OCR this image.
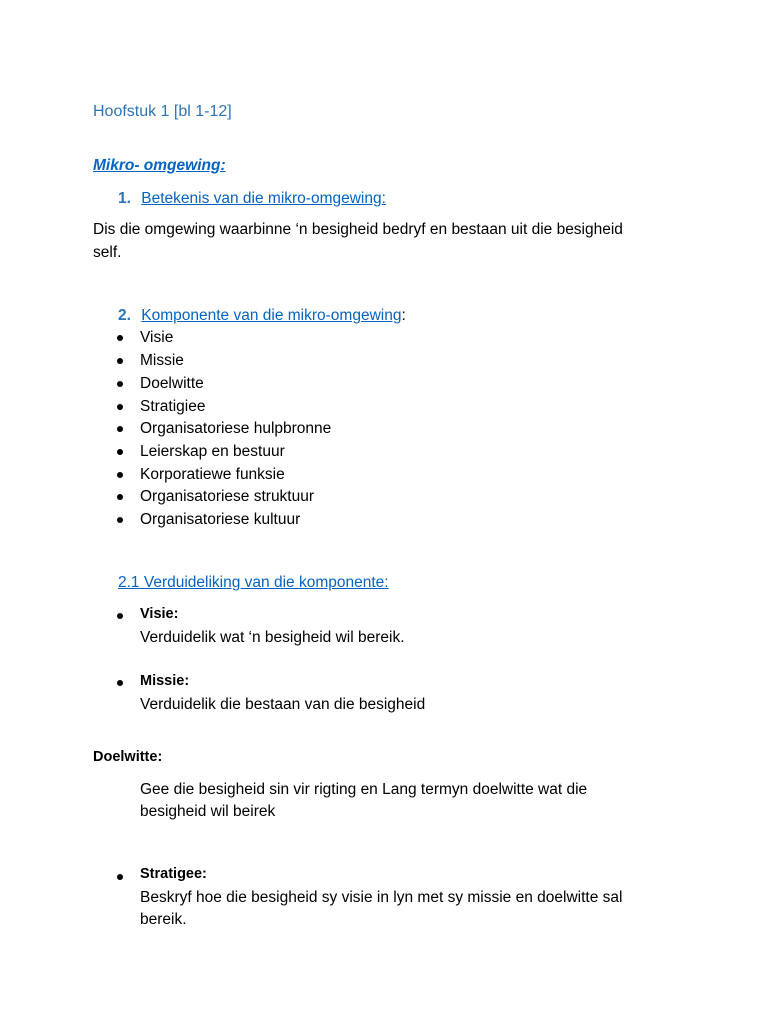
Hoofstuk 1 [bl 1-12]
Mikro- omgewing:
1. Betekenis van die mikro-omgewing:
Dis die omgewing waarbinne ‘n besigheid bedryf en bestaan uit die besigheid
self.
2. Komponente van die mikro-omgewing:
Visie
Missie
Doelwitte
Stratigiee
Organisatoriese hulpbronne
Leierskap en bestuur
Korporatiewe funksie
Organisatoriese struktuur
Organisatoriese kultuur
2.1 Verduideliking van die komponente:
Visie:
Verduidelik wat ‘n besigheid wil bereik.
Missie:
Verduidelik die bestaan van die besigheid
Doelwitte:
Gee die besigheid sin vir rigting en Lang termyn doelwitte wat die
besigheid wil beirek
Stratigee:
Beskryf hoe die besigheid sy visie in lyn met sy missie en doelwitte sal
bereik.
